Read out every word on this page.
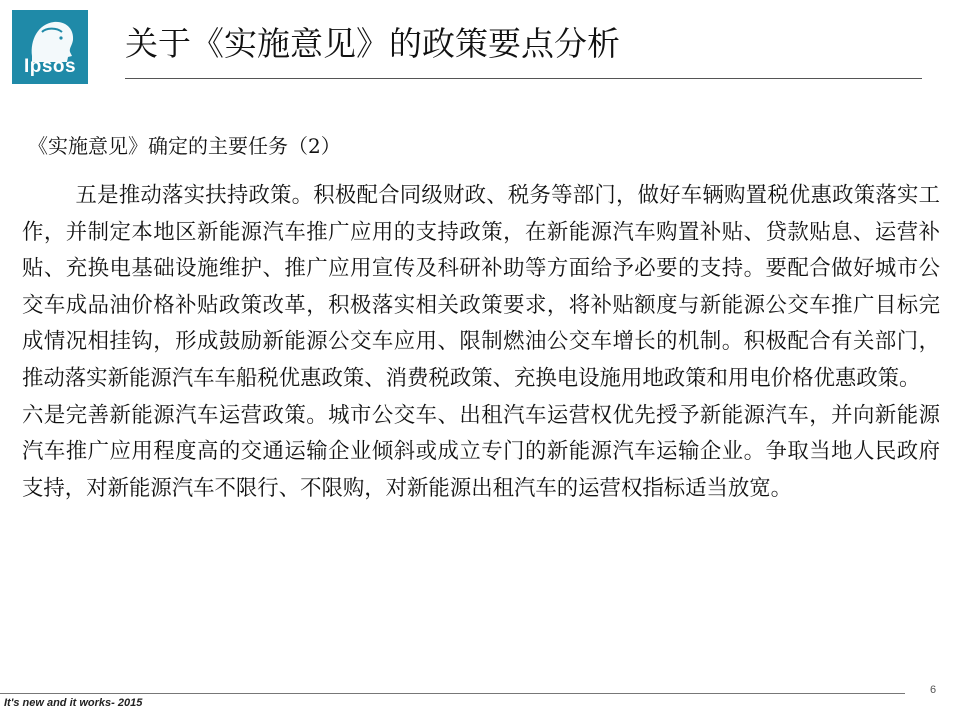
Ipsos
关于《实施意见》的政策要点分析
《实施意见》确定的主要任务（2）
五是推动落实扶持政策。积极配合同级财政、税务等部门，做好车辆购置税优惠政策落实工作，并制定本地区新能源汽车推广应用的支持政策，在新能源汽车购置补贴、贷款贴息、运营补贴、充换电基础设施维护、推广应用宣传及科研补助等方面给予必要的支持。要配合做好城市公交车成品油价格补贴政策改革，积极落实相关政策要求，将补贴额度与新能源公交车推广目标完成情况相挂钩，形成鼓励新能源公交车应用、限制燃油公交车增长的机制。积极配合有关部门，推动落实新能源汽车车船税优惠政策、消费税政策、充换电设施用地政策和用电价格优惠政策。
六是完善新能源汽车运营政策。城市公交车、出租汽车运营权优先授予新能源汽车，并向新能源汽车推广应用程度高的交通运输企业倾斜或成立专门的新能源汽车运输企业。争取当地人民政府支持，对新能源汽车不限行、不限购，对新能源出租汽车的运营权指标适当放宽。
It's new and it works- 2015
6
